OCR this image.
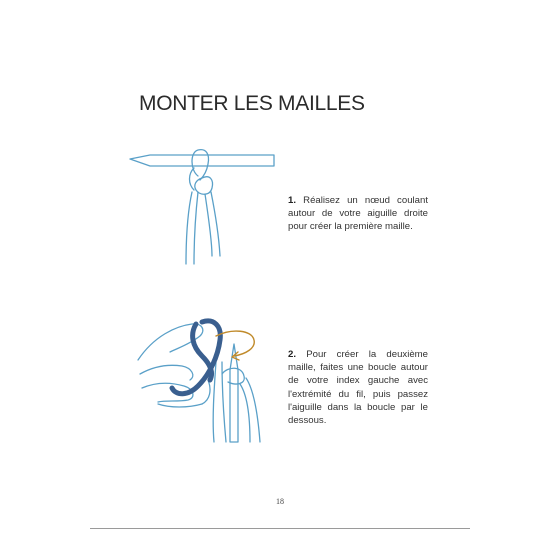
MONTER LES MAILLES
1. Réalisez un nœud coulant autour de votre aiguille droite pour créer la première maille.
2. Pour créer la deuxième maille, faites une boucle autour de votre index gauche avec l'extrémité du fil, puis passez l'aiguille dans la boucle par le dessous.
18
